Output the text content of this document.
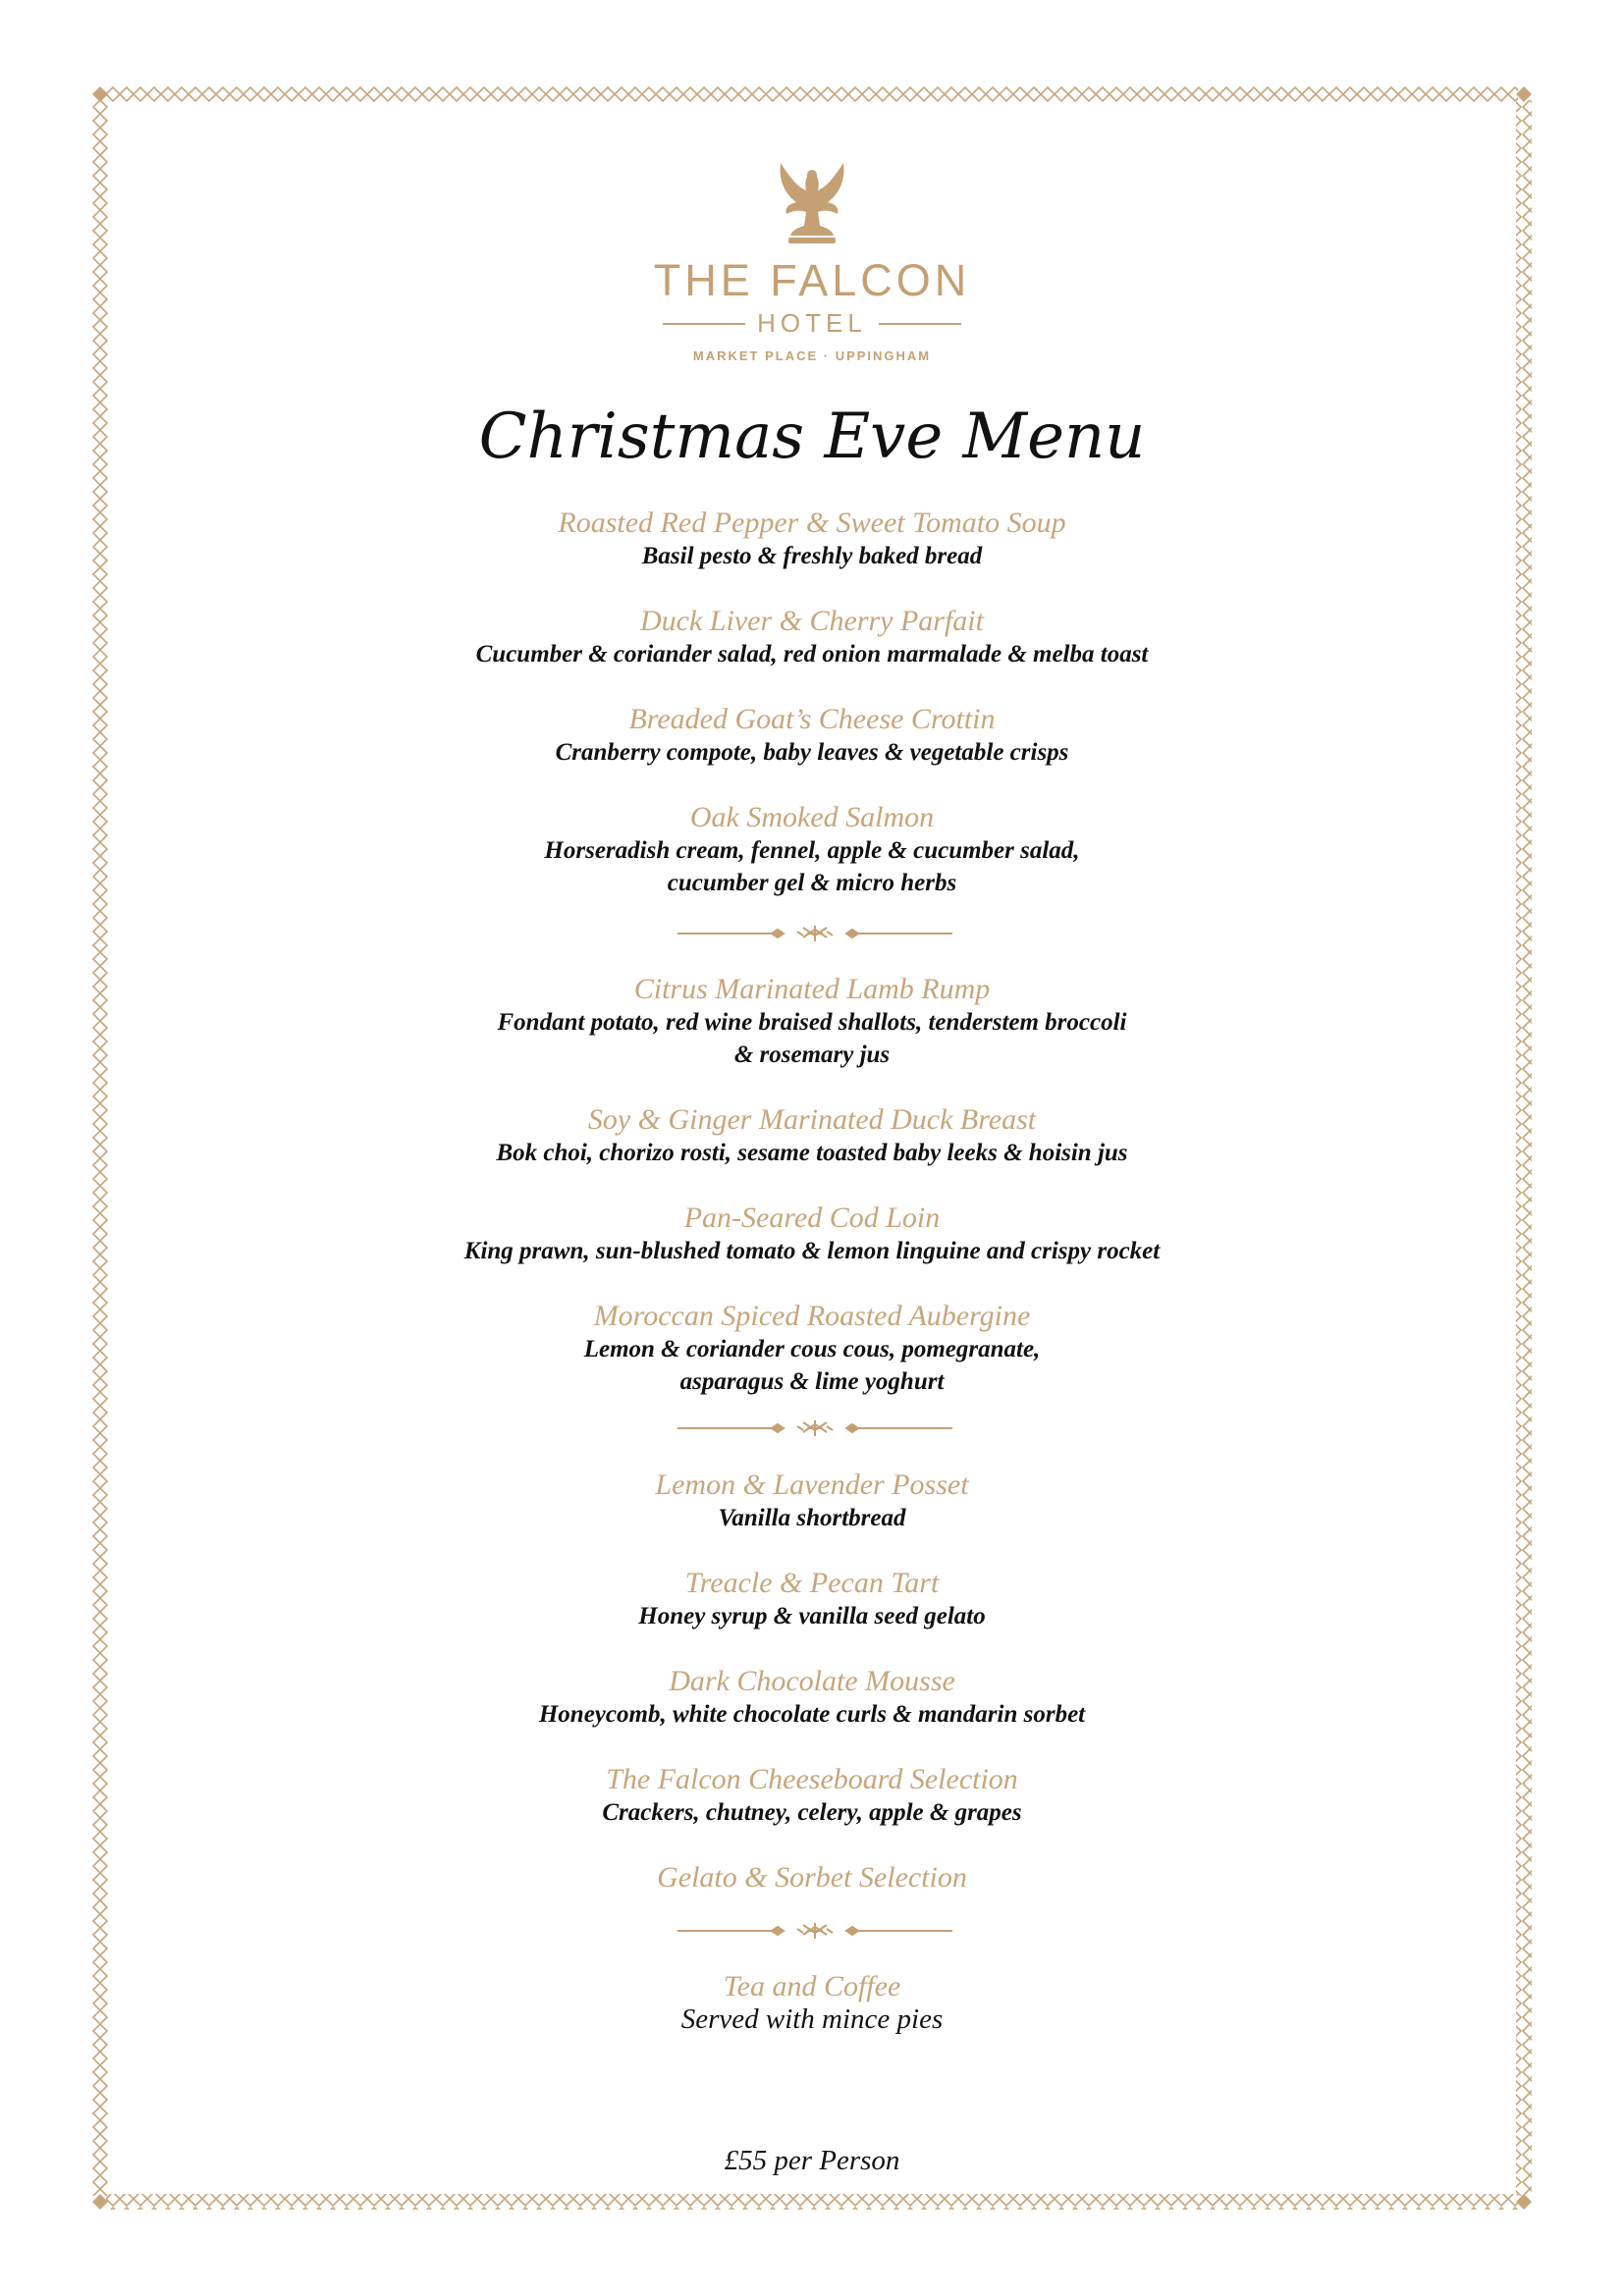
THE FALCON
HOTEL
MARKET PLACE · UPPINGHAM
Christmas Eve Menu
Roasted Red Pepper & Sweet Tomato Soup
Basil pesto & freshly baked bread
Duck Liver & Cherry Parfait
Cucumber & coriander salad, red onion marmalade & melba toast
Breaded Goat’s Cheese Crottin
Cranberry compote, baby leaves & vegetable crisps
Oak Smoked Salmon
Horseradish cream, fennel, apple & cucumber salad,
cucumber gel & micro herbs
Citrus Marinated Lamb Rump
Fondant potato, red wine braised shallots, tenderstem broccoli
& rosemary jus
Soy & Ginger Marinated Duck Breast
Bok choi, chorizo rosti, sesame toasted baby leeks & hoisin jus
Pan-Seared Cod Loin
King prawn, sun-blushed tomato & lemon linguine and crispy rocket
Moroccan Spiced Roasted Aubergine
Lemon & coriander cous cous, pomegranate,
asparagus & lime yoghurt
Lemon & Lavender Posset
Vanilla shortbread
Treacle & Pecan Tart
Honey syrup & vanilla seed gelato
Dark Chocolate Mousse
Honeycomb, white chocolate curls & mandarin sorbet
The Falcon Cheeseboard Selection
Crackers, chutney, celery, apple & grapes
Gelato & Sorbet Selection
Tea and Coffee
Served with mince pies
£55 per Person
